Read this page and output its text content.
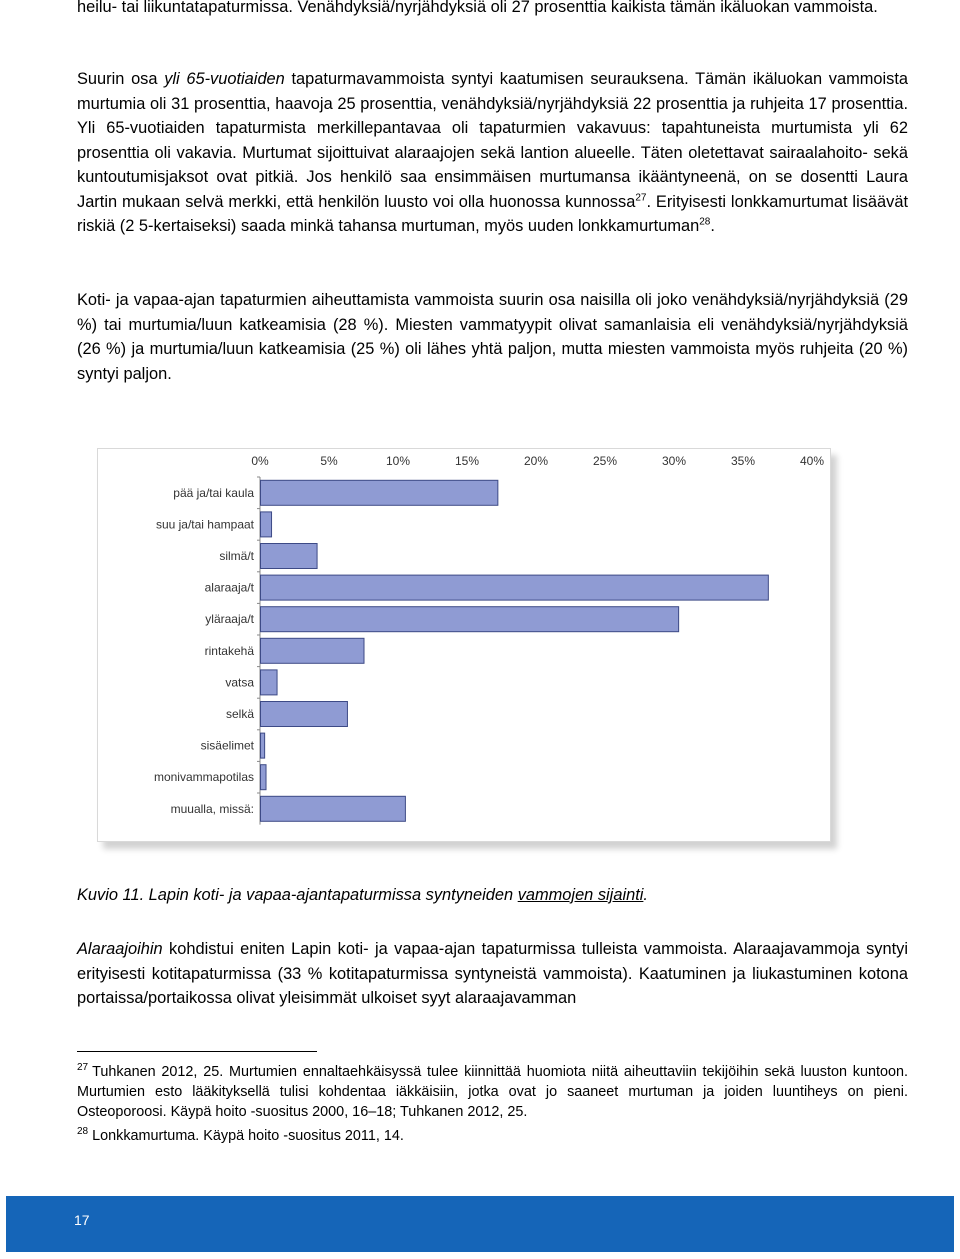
heilu- tai liikuntatapaturmissa. Venähdyksiä/nyrjähdyksiä oli 27 prosenttia kaikista tämän ikäluokan vammoista.

Suurin osa yli 65-vuotiaiden tapaturmavammoista syntyi kaatumisen seurauksena. Tämän ikäluokan vammoista murtumia oli 31 prosenttia, haavoja 25 prosenttia, venähdyksiä/nyrjähdyksiä 22 prosenttia ja ruhjeita 17 prosenttia. Yli 65-vuotiaiden tapaturmista merkillepantavaa oli tapaturmien vakavuus: tapahtuneista murtumista yli 62 prosenttia oli vakavia. Murtumat sijoittuivat alaraajojen sekä lantion alueelle. Täten oletettavat sairaalahoito- sekä kuntoutumisjaksot ovat pitkiä. Jos henkilö saa ensimmäisen murtumansa ikääntyneenä, on se dosentti Laura Jartin mukaan selvä merkki, että henkilön luusto voi olla huonossa kunnossa$^{27}$. Erityisesti lonkkamurtumat lisäävät riskiä (2 5-kertaiseksi) saada minkä tahansa murtuman, myös uuden lonkkamurtuman$^{28}$.

Koti- ja vapaa-ajan tapaturmien aiheuttamista vammoista suurin osa naisilla oli joko venähdyksiä/nyrjähdyksiä (29 %) tai murtumia/luun katkeamisia (28 %). Miesten vammatyypit olivat samanlaisia eli venähdyksiä/nyrjähdyksiä (26 %) ja murtumia/luun katkeamisia (25 %) oli lähes yhtä paljon, mutta miesten vammoista myös ruhjeita (20 %) syntyi paljon.

0%	5%	10%	15%	20%	25%	30%	35%	40%
pää ja/tai kaula
suu ja/tai hampaat
silmä/t
alaraaja/t
yläraaja/t
rintakehä
vatsa
selkä
sisäelimet
monivammapotilas
muualla, missä:

Kuvio 11. Lapin koti- ja vapaa-ajantapaturmissa syntyneiden vammojen sijainti.

Alaraajoihin kohdistui eniten Lapin koti- ja vapaa-ajan tapaturmissa tulleista vammoista. Alaraajavammoja syntyi erityisesti kotitapaturmissa (33 % kotitapaturmissa syntyneistä vammoista). Kaatuminen ja liukastuminen kotona portaissa/portaikossa olivat yleisimmät ulkoiset syyt alaraajavamman

$^{27}$ Tuhkanen 2012, 25. Murtumien ennaltaehkäisyssä tulee kiinnittää huomiota niitä aiheuttaviin tekijöihin sekä luuston kuntoon. Murtumien esto lääkityksellä tulisi kohdentaa iäkkäisiin, jotka ovat jo saaneet murtuman ja joiden luuntiheys on pieni. Osteoporoosi. Käypä hoito -suositus 2000, 16–18; Tuhkanen 2012, 25.

$^{28}$ Lonkkamurtuma. Käypä hoito -suositus 2011, 14.

17
